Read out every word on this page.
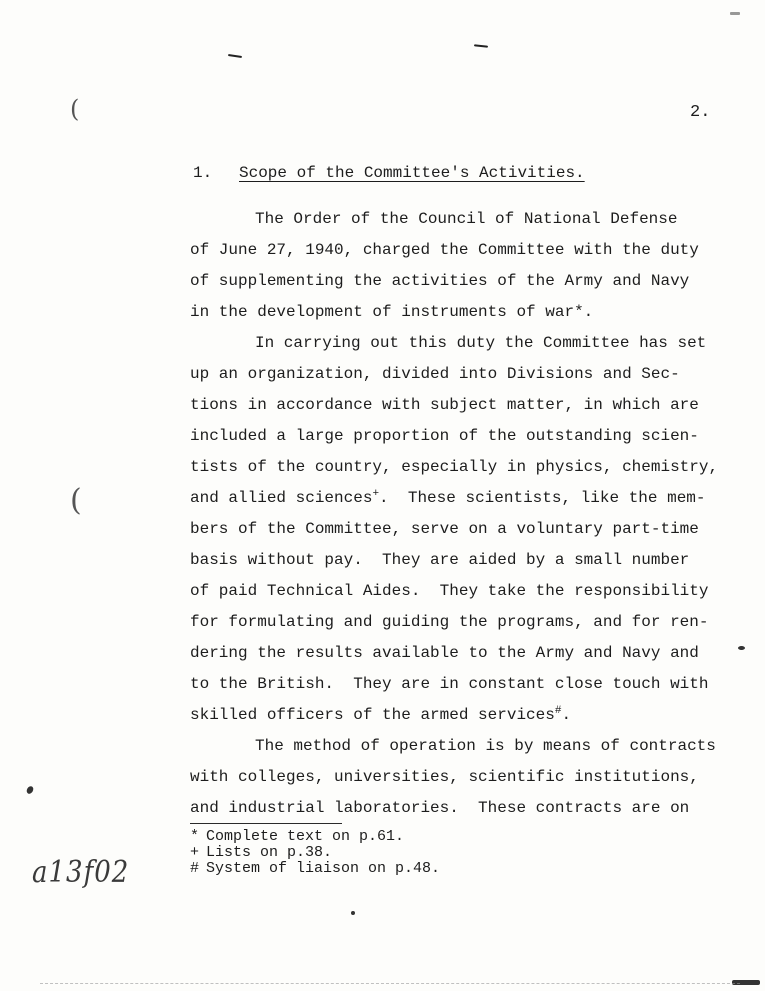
(
(
2.
1. Scope of the Committee's Activities.
The Order of the Council of National Defense
of June 27, 1940, charged the Committee with the duty
of supplementing the activities of the Army and Navy
in the development of instruments of war*.
In carrying out this duty the Committee has set
up an organization, divided into Divisions and Sec-
tions in accordance with subject matter, in which are
included a large proportion of the outstanding scien-
tists of the country, especially in physics, chemistry,
and allied sciences+.  These scientists, like the mem-
bers of the Committee, serve on a voluntary part-time
basis without pay.  They are aided by a small number
of paid Technical Aides.  They take the responsibility
for formulating and guiding the programs, and for ren-
dering the results available to the Army and Navy and
to the British.  They are in constant close touch with
skilled officers of the armed services#.
The method of operation is by means of contracts
with colleges, universities, scientific institutions,
and industrial laboratories.  These contracts are on
* Complete text on p.61.
+ Lists on p.38.
# System of liaison on p.48.
a13f02
